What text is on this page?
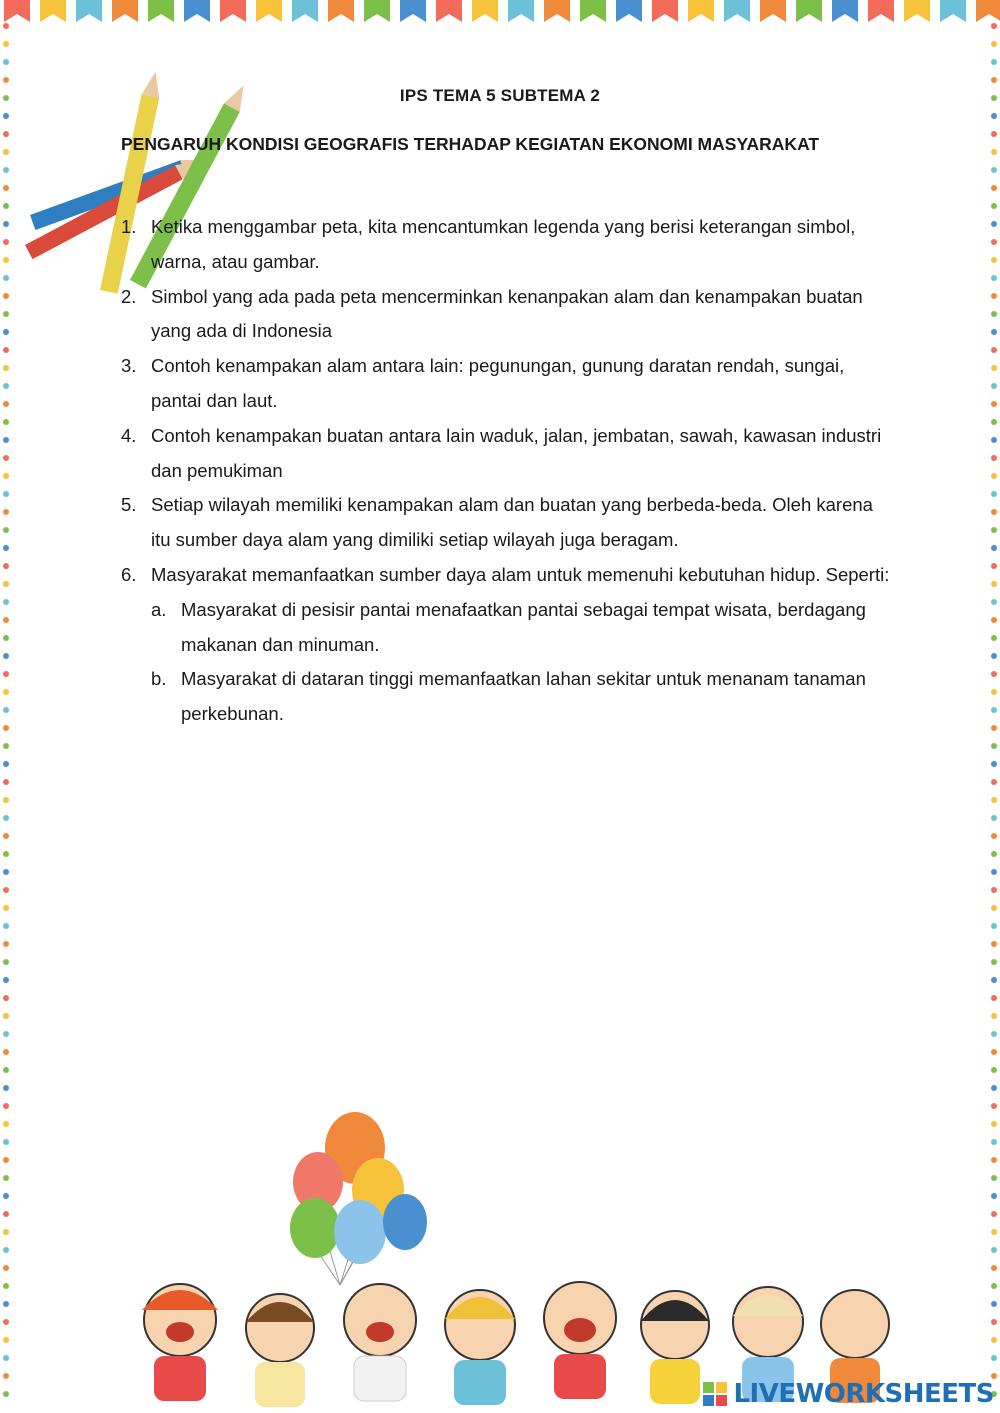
IPS TEMA 5 SUBTEMA 2
PENGARUH KONDISI GEOGRAFIS TERHADAP KEGIATAN EKONOMI MASYARAKAT
1. Ketika menggambar peta, kita mencantumkan legenda yang berisi keterangan simbol, warna, atau gambar.
2. Simbol yang ada pada peta mencerminkan kenanpakan alam dan kenampakan buatan yang ada di Indonesia
3. Contoh kenampakan alam antara lain: pegunungan, gunung daratan rendah, sungai, pantai dan laut.
4. Contoh kenampakan buatan antara lain waduk, jalan, jembatan, sawah, kawasan industri dan pemukiman
5. Setiap wilayah memiliki kenampakan alam dan buatan yang berbeda-beda. Oleh karena itu sumber daya alam yang dimiliki setiap wilayah juga beragam.
6. Masyarakat memanfaatkan sumber daya alam untuk memenuhi kebutuhan hidup. Seperti:
a. Masyarakat di pesisir pantai menafaatkan pantai sebagai tempat wisata, berdagang makanan dan minuman.
b. Masyarakat di dataran tinggi memanfaatkan lahan sekitar untuk menanam tanaman perkebunan.
LIVEWORKSHEETS
